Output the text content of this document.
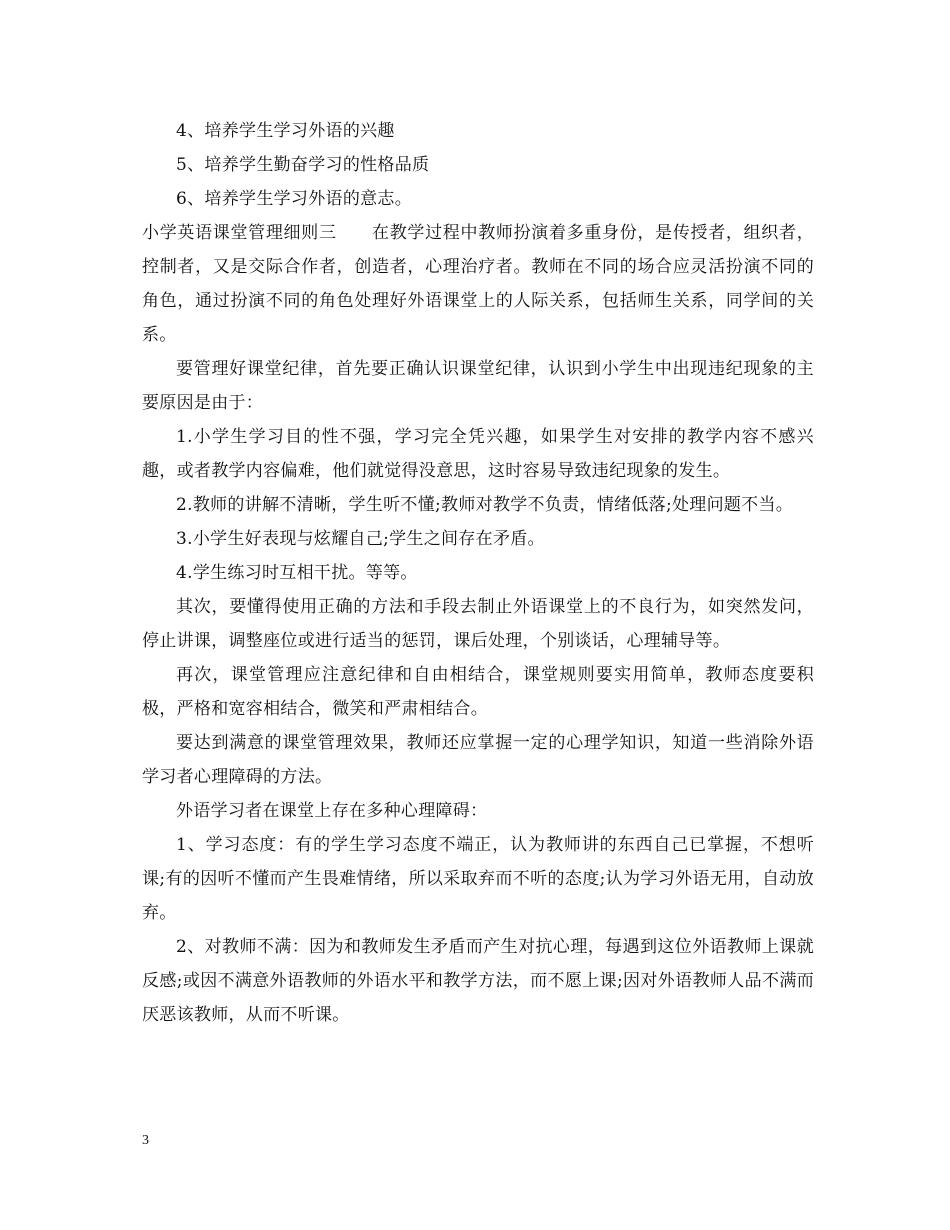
4、培养学生学习外语的兴趣

5、培养学生勤奋学习的性格品质

6、培养学生学习外语的意志。

小学英语课堂管理细则三　　在教学过程中教师扮演着多重身份，是传授者，组织者，控制者，又是交际合作者，创造者，心理治疗者。教师在不同的场合应灵活扮演不同的角色，通过扮演不同的角色处理好外语课堂上的人际关系，包括师生关系，同学间的关系。

要管理好课堂纪律，首先要正确认识课堂纪律，认识到小学生中出现违纪现象的主要原因是由于：

1.小学生学习目的性不强，学习完全凭兴趣，如果学生对安排的教学内容不感兴趣，或者教学内容偏难，他们就觉得没意思，这时容易导致违纪现象的发生。

2.教师的讲解不清晰，学生听不懂;教师对教学不负责，情绪低落;处理问题不当。

3.小学生好表现与炫耀自己;学生之间存在矛盾。

4.学生练习时互相干扰。等等。

其次，要懂得使用正确的方法和手段去制止外语课堂上的不良行为，如突然发问，停止讲课，调整座位或进行适当的惩罚，课后处理，个别谈话，心理辅导等。

再次，课堂管理应注意纪律和自由相结合，课堂规则要实用简单，教师态度要积极，严格和宽容相结合，微笑和严肃相结合。

要达到满意的课堂管理效果，教师还应掌握一定的心理学知识，知道一些消除外语学习者心理障碍的方法。

外语学习者在课堂上存在多种心理障碍：

1、学习态度：有的学生学习态度不端正，认为教师讲的东西自己已掌握，不想听课;有的因听不懂而产生畏难情绪，所以采取弃而不听的态度;认为学习外语无用，自动放弃。

2、对教师不满：因为和教师发生矛盾而产生对抗心理，每遇到这位外语教师上课就反感;或因不满意外语教师的外语水平和教学方法，而不愿上课;因对外语教师人品不满而厌恶该教师，从而不听课。

3
